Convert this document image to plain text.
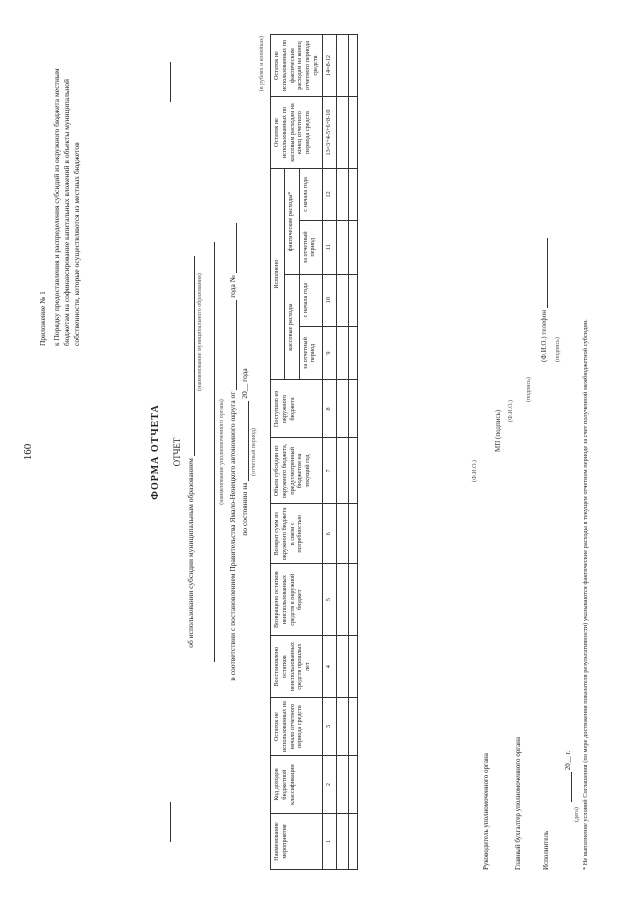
160
Приложение № 1 к Порядку предоставления и распределения субсидий из окружного бюджета местным бюджетам на софинансирование капитальных вложений в объекты муниципальной собственности, которые осуществляются из местных бюджетов
ФОРМА ОТЧЕТА ОТЧЕТ
об использовании субсидии муниципальным образованием
(наименование муниципального образования)
(наименование уполномоченного органа) в соответствии с постановлением Правительства Ямало-Ненецкого автономного округа от  года №
по состоянию на  20__ года
(отчетный период)
(в рублях и копейках)
Наименование мероприятия	Код доходов бюджетной классификации	Остаток не использованных на начало отчетного периода средств	Восстановлено остатков неиспользованных средств прошлых лет	Возвращено остатков неиспользованных средств в окружной бюджет	Возврат сумм из окружного бюджета в связи с потребностью	Объем субсидии из окружного бюджета, предусмотренный бюджетом на текущий год	Поступило из окружного бюджета	Исполнено				Остаток не использованных по кассовым расходам на конец отчетного периода средств	Остаток не использованных по фактическим расходам на конец отчетного периода средств
								кассовые расходы		фактические расходы*			
								за отчетный период	с начала года	за отчетный период	с начала года		
1	2	3	4	5	6	7	8	9	10	11	12	13=3+4-5+6+8-10	14=8-12

Руководитель уполномоченного органа
(Ф.И.О.)
МП (подпись)
Главный бухгалтер уполномоченного органа
(Ф.И.О.)
(подпись)
Исполнитель
(Ф.И.О.) телефон
(подпись)
20__ г.
(дата) * Не выполнение условий Соглашения (по мере достижения показателя результативности) указываются фактические расходы в текущем отчетном периоде за счет полученной межбюджетной субсидии.
